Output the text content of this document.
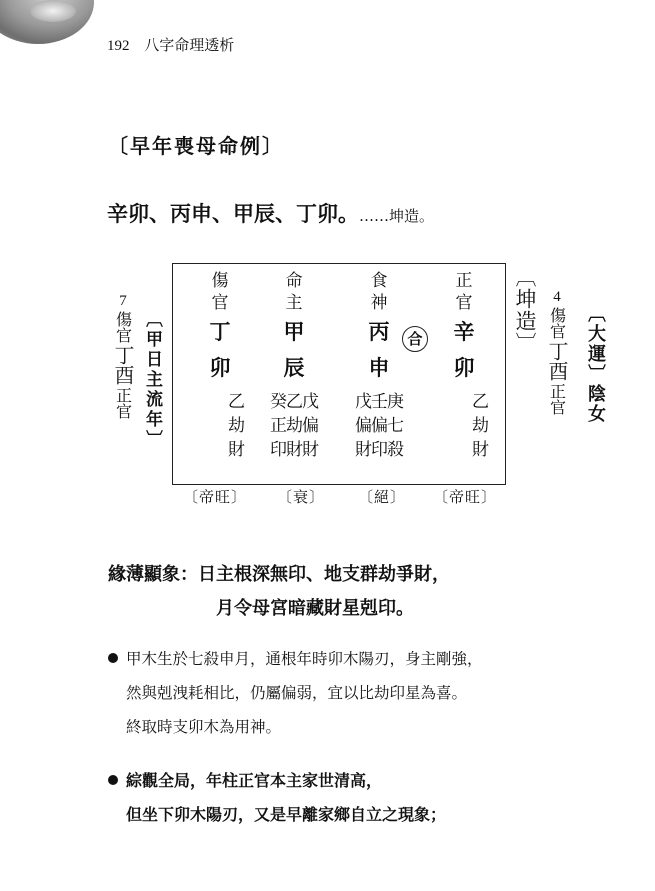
192 八字命理透析
〔早年喪母命例〕
辛卯、丙申、甲辰、丁卯。……坤造。
傷
官
丁
卯
乙
劫
財
〔帝旺〕
命
主
甲
辰
癸 乙 戊
正
印
劫
財
偏
財
〔衰〕
食
神
丙
申
戊 壬 庚
偏
財
偏
印
七
殺
〔絕〕
正
官
辛
卯
乙
劫
財
〔帝旺〕
合	〔坤造〕
〔甲日主流年〕
7
傷官
丁酉
正官
4
傷官
丁酉
正官 〔大運〕陰女
緣薄顯象：日主根深無印、地支群劫爭財，
月令母宮暗藏財星剋印。
甲木生於七殺申月，通根年時卯木陽刃，身主剛強，
然與剋洩耗相比，仍屬偏弱，宜以比劫印星為喜。
終取時支卯木為用神。
綜觀全局，年柱正官本主家世清高，
但坐下卯木陽刃，又是早離家鄉自立之現象；
